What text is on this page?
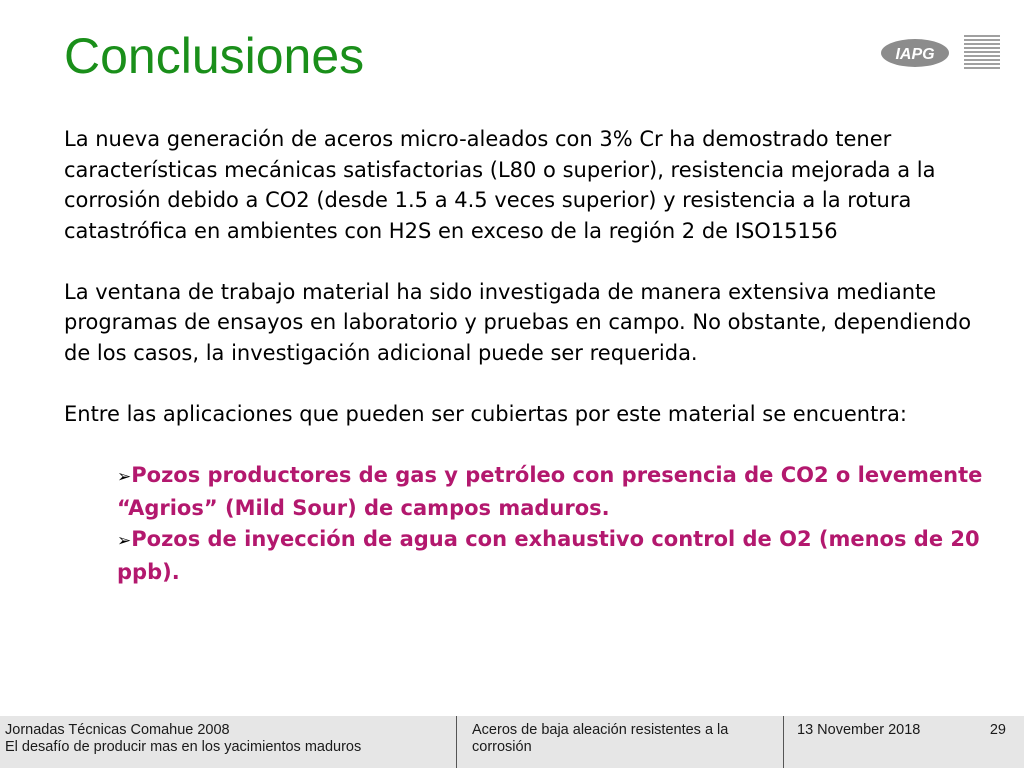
Conclusiones	IAPG

La nueva generación de aceros micro-aleados con 3% Cr ha demostrado tener características mecánicas satisfactorias (L80 o superior), resistencia mejorada a la corrosión debido a CO2 (desde 1.5 a 4.5 veces superior) y resistencia a la rotura catastrófica en ambientes con H2S en exceso de la región 2 de ISO15156

La ventana de trabajo material ha sido investigada de manera extensiva mediante programas de ensayos en laboratorio y pruebas en campo. No obstante, dependiendo de los casos, la investigación adicional puede ser requerida.

Entre las aplicaciones que pueden ser cubiertas por este material se encuentra:

➢Pozos productores de gas y petróleo con presencia de CO2 o levemente “Agrios” (Mild Sour) de campos maduros.
➢Pozos de inyección de agua con exhaustivo control de O2 (menos de 20 ppb).
Jornadas Técnicas Comahue 2008
El desafío de producir mas en los yacimientos maduros
Aceros de baja aleación resistentes a la corrosión
13 November 2018	29
